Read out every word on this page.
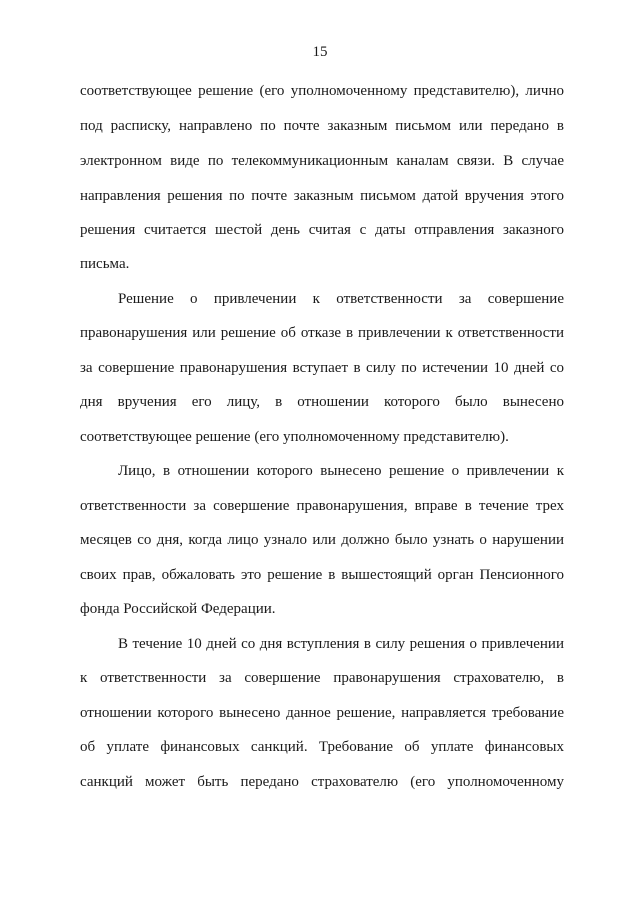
15
соответствующее решение (его уполномоченному представителю), лично
под расписку, направлено по почте заказным письмом или передано в
электронном виде по телекоммуникационным каналам связи. В случае
направления решения по почте заказным письмом датой вручения этого
решения считается шестой день считая с даты отправления заказного
письма.
Решение о привлечении к ответственности за совершение
правонарушения или решение об отказе в привлечении к ответственности
за совершение правонарушения вступает в силу по истечении 10 дней со
дня вручения его лицу, в отношении которого было вынесено
соответствующее решение (его уполномоченному представителю).
Лицо, в отношении которого вынесено решение о привлечении к
ответственности за совершение правонарушения, вправе в течение трех
месяцев со дня, когда лицо узнало или должно было узнать о нарушении
своих прав, обжаловать это решение в вышестоящий орган Пенсионного
фонда Российской Федерации.
В течение 10 дней со дня вступления в силу решения о привлечении
к ответственности за совершение правонарушения страхователю, в
отношении которого вынесено данное решение, направляется требование
об уплате финансовых санкций. Требование об уплате финансовых
санкций может быть передано страхователю (его уполномоченному
